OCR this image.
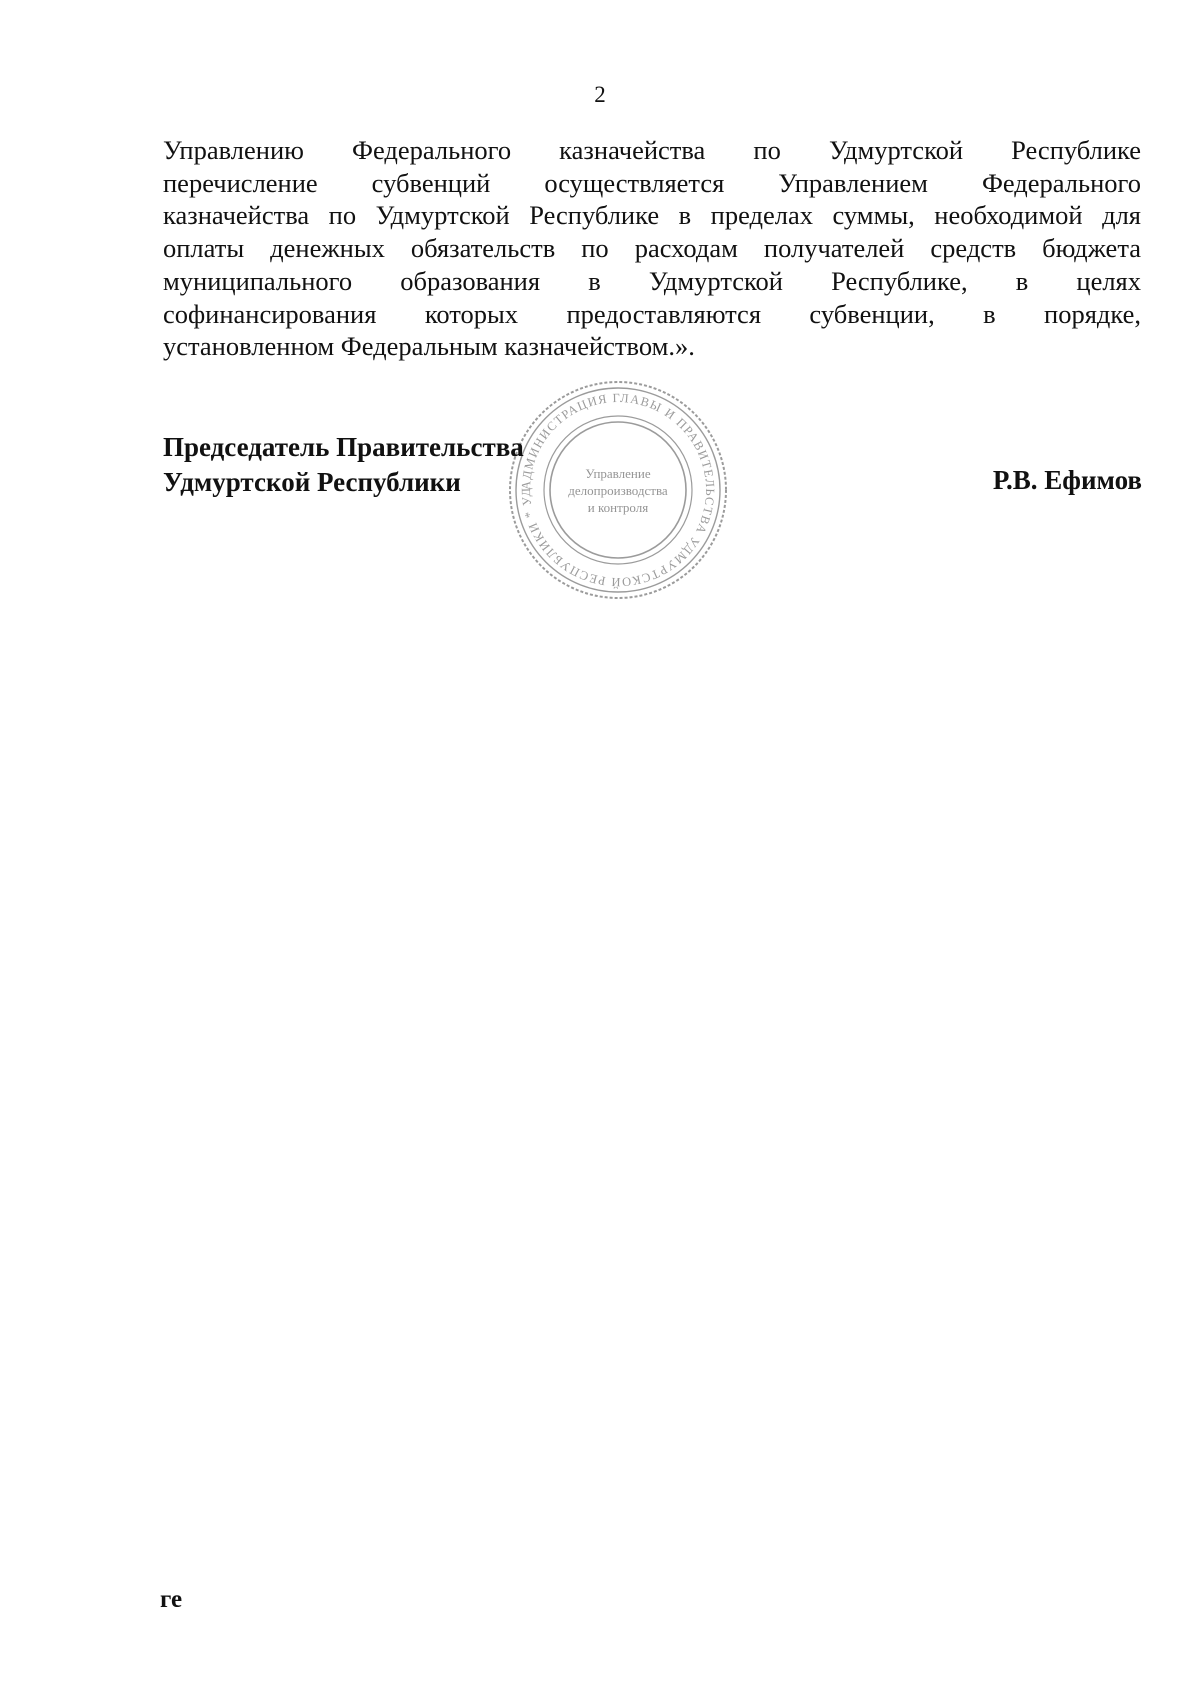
2
Управлению Федерального казначейства по Удмуртской Республике
перечисление субвенций осуществляется Управлением Федерального
казначейства по Удмуртской Республике в пределах суммы, необходимой для
оплаты денежных обязательств по расходам получателей средств бюджета
муниципального образования в Удмуртской Республике, в целях
софинансирования которых предоставляются субвенции, в порядке,
установленном Федеральным казначейством.».
АДМИНИСТРАЦИЯ ГЛАВЫ И ПРАВИТЕЛЬСТВА УДМУРТСКОЙ РЕСПУБЛИКИ * УД
Управление
делопроизводства
и контроля
Председатель Правительства
Удмуртской Республики	Р.В. Ефимов
ге
